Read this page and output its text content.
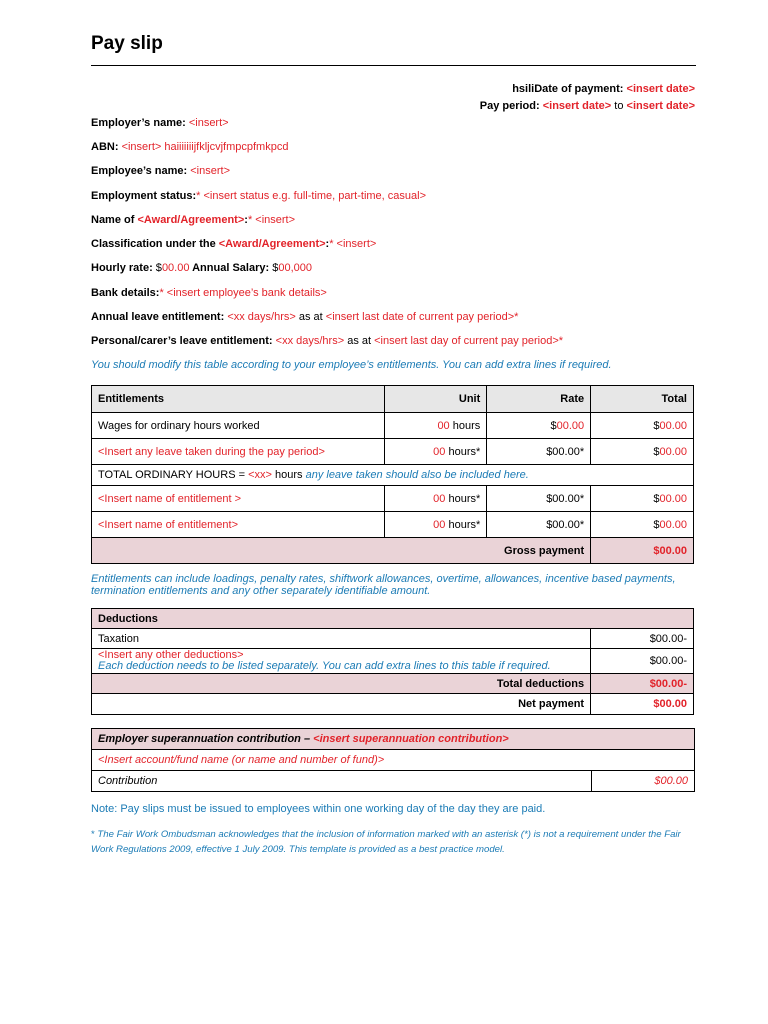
Pay slip
hsiliDate of payment: <insert date>
Pay period: <insert date> to <insert date>
Employer’s name: <insert>
ABN: <insert> haiiiiiiijfkljcvjfmpcpfmkpcd
Employee’s name: <insert>
Employment status:* <insert status e.g. full-time, part-time, casual>
Name of <Award/Agreement>:* <insert>
Classification under the <Award/Agreement>:* <insert>
Hourly rate: $00.00 Annual Salary: $00,000
Bank details:* <insert employee’s bank details>
Annual leave entitlement: <xx days/hrs> as at <insert last date of current pay period>*
Personal/carer’s leave entitlement: <xx days/hrs> as at <insert last day of current pay period>*
You should modify this table according to your employee’s entitlements. You can add extra lines if required.
Entitlements	Unit	Rate	Total
Wages for ordinary hours worked	00 hours	$00.00	$00.00
<Insert any leave taken during the pay period>	00 hours*	$00.00*	$00.00
TOTAL ORDINARY HOURS = <xx> hours any leave taken should also be included here.			
<Insert name of entitlement >	00 hours*	$00.00*	$00.00
<Insert name of entitlement>	00 hours*	$00.00*	$00.00
Gross payment			$00.00
Entitlements can include loadings, penalty rates, shiftwork allowances, overtime, allowances, incentive based payments, termination entitlements and any other separately identifiable amount.
Deductions	
Taxation	$00.00-

<Insert any other deductions>
Each deduction needs to be listed separately. You can add extra lines to this table if required.	$00.00-
Total deductions	$00.00-
Net payment	$00.00
Employer superannuation contribution – <insert superannuation contribution>
<Insert account/fund name (or name and number of fund)>
Contribution	$00.00
Note: Pay slips must be issued to employees within one working day of the day they are paid.
* The Fair Work Ombudsman acknowledges that the inclusion of information marked with an asterisk (*) is not a requirement under the Fair Work Regulations 2009, effective 1 July 2009. This template is provided as a best practice model.
